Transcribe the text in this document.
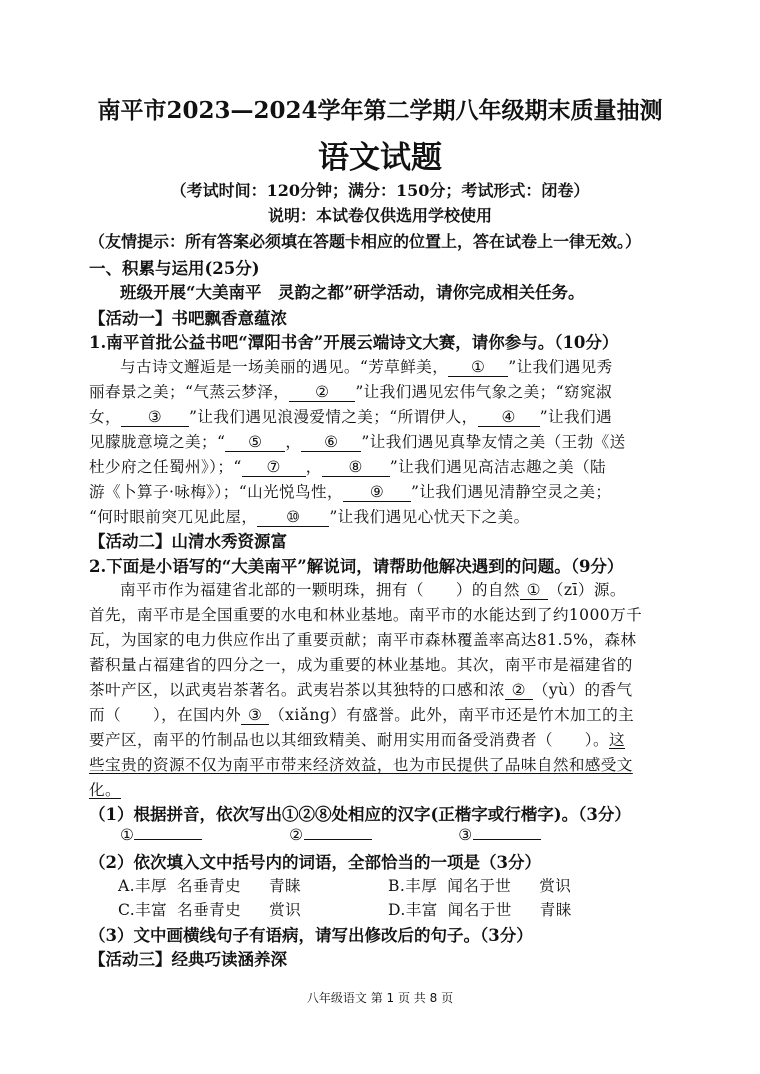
南平市2023—2024学年第二学期八年级期末质量抽测
语文试题
（考试时间：120分钟；满分：150分；考试形式：闭卷）
说明：本试卷仅供选用学校使用
（友情提示：所有答案必须填在答题卡相应的位置上，答在试卷上一律无效。）
一、积累与运用(25分)
班级开展“大美南平　灵韵之都”研学活动，请你完成相关任务。
【活动一】书吧飘香意蕴浓
1.南平首批公益书吧“潭阳书舍”开展云端诗文大赛，请你参与。（10分）
与古诗文邂逅是一场美丽的遇见。“芳草鲜美， ① ”让我们遇见秀
丽春景之美；“气蒸云梦泽， ② ”让我们遇见宏伟气象之美；“窈窕淑
女， ③ ”让我们遇见浪漫爱情之美；“所谓伊人， ④ ”让我们遇
见朦胧意境之美；“ ⑤ ， ⑥ ”让我们遇见真挚友情之美（王勃《送
杜少府之任蜀州》）；“ ⑦ ， ⑧ ”让我们遇见高洁志趣之美（陆
游《卜算子·咏梅》）；“山光悦鸟性， ⑨ ”让我们遇见清静空灵之美；
“何时眼前突兀见此屋， ⑩ ”让我们遇见心忧天下之美。
【活动二】山清水秀资源富
2.下面是小语写的“大美南平”解说词，请帮助他解决遇到的问题。（9分）
南平市作为福建省北部的一颗明珠，拥有（　　）的自然 ① （zī）源。
首先，南平市是全国重要的水电和林业基地。南平市的水能达到了约1000万千
瓦，为国家的电力供应作出了重要贡献；南平市森林覆盖率高达81.5%，森林
蓄积量占福建省的四分之一，成为重要的林业基地。其次，南平市是福建省的
茶叶产区，以武夷岩茶著名。武夷岩茶以其独特的口感和浓 ② （yù）的香气
而（　　），在国内外 ③ （xiǎng）有盛誉。此外，南平市还是竹木加工的主
要产区，南平的竹制品也以其细致精美、耐用实用而备受消费者（　　）。这
些宝贵的资源不仅为南平市带来经济效益，也为市民提供了品味自然和感受文
化。
（1）根据拼音，依次写出①②⑧处相应的汉字(正楷字或行楷字)。（3分）
①	②	③
（2）依次填入文中括号内的词语，全部恰当的一项是（3分）
A.丰厚 名垂青史 青睐	B.丰厚 闻名于世 赏识
C.丰富 名垂青史 赏识	D.丰富 闻名于世 青睐
（3）文中画横线句子有语病，请写出修改后的句子。（3分）
【活动三】经典巧读涵养深
八年级语文 第 1 页 共 8 页
